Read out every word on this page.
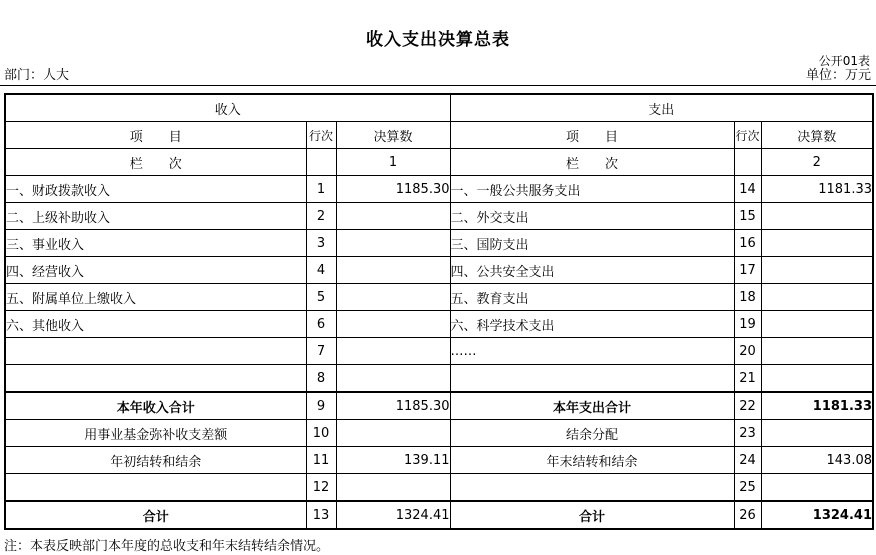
收入支出决算总表
公开01表
部门：人大	单位：万元
收入			支出		
项　　目	行次	决算数	项　　目	行次	决算数
栏　　次		1	栏　　次		2
一、财政拨款收入	1	1185.30	一、一般公共服务支出	14	1181.33
二、上级补助收入	2		二、外交支出	15	
三、事业收入	3		三、国防支出	16	
四、经营收入	4		四、公共安全支出	17	
五、附属单位上缴收入	5		五、教育支出	18	
六、其他收入	6		六、科学技术支出	19	
	7		……	20	
	8			21	
本年收入合计	9	1185.30	本年支出合计	22	1181.33
用事业基金弥补收支差额	10		结余分配	23	
年初结转和结余	11	139.11	年末结转和结余	24	143.08
	12			25	
合计	13	1324.41	合计	26	1324.41
注：本表反映部门本年度的总收支和年末结转结余情况。
